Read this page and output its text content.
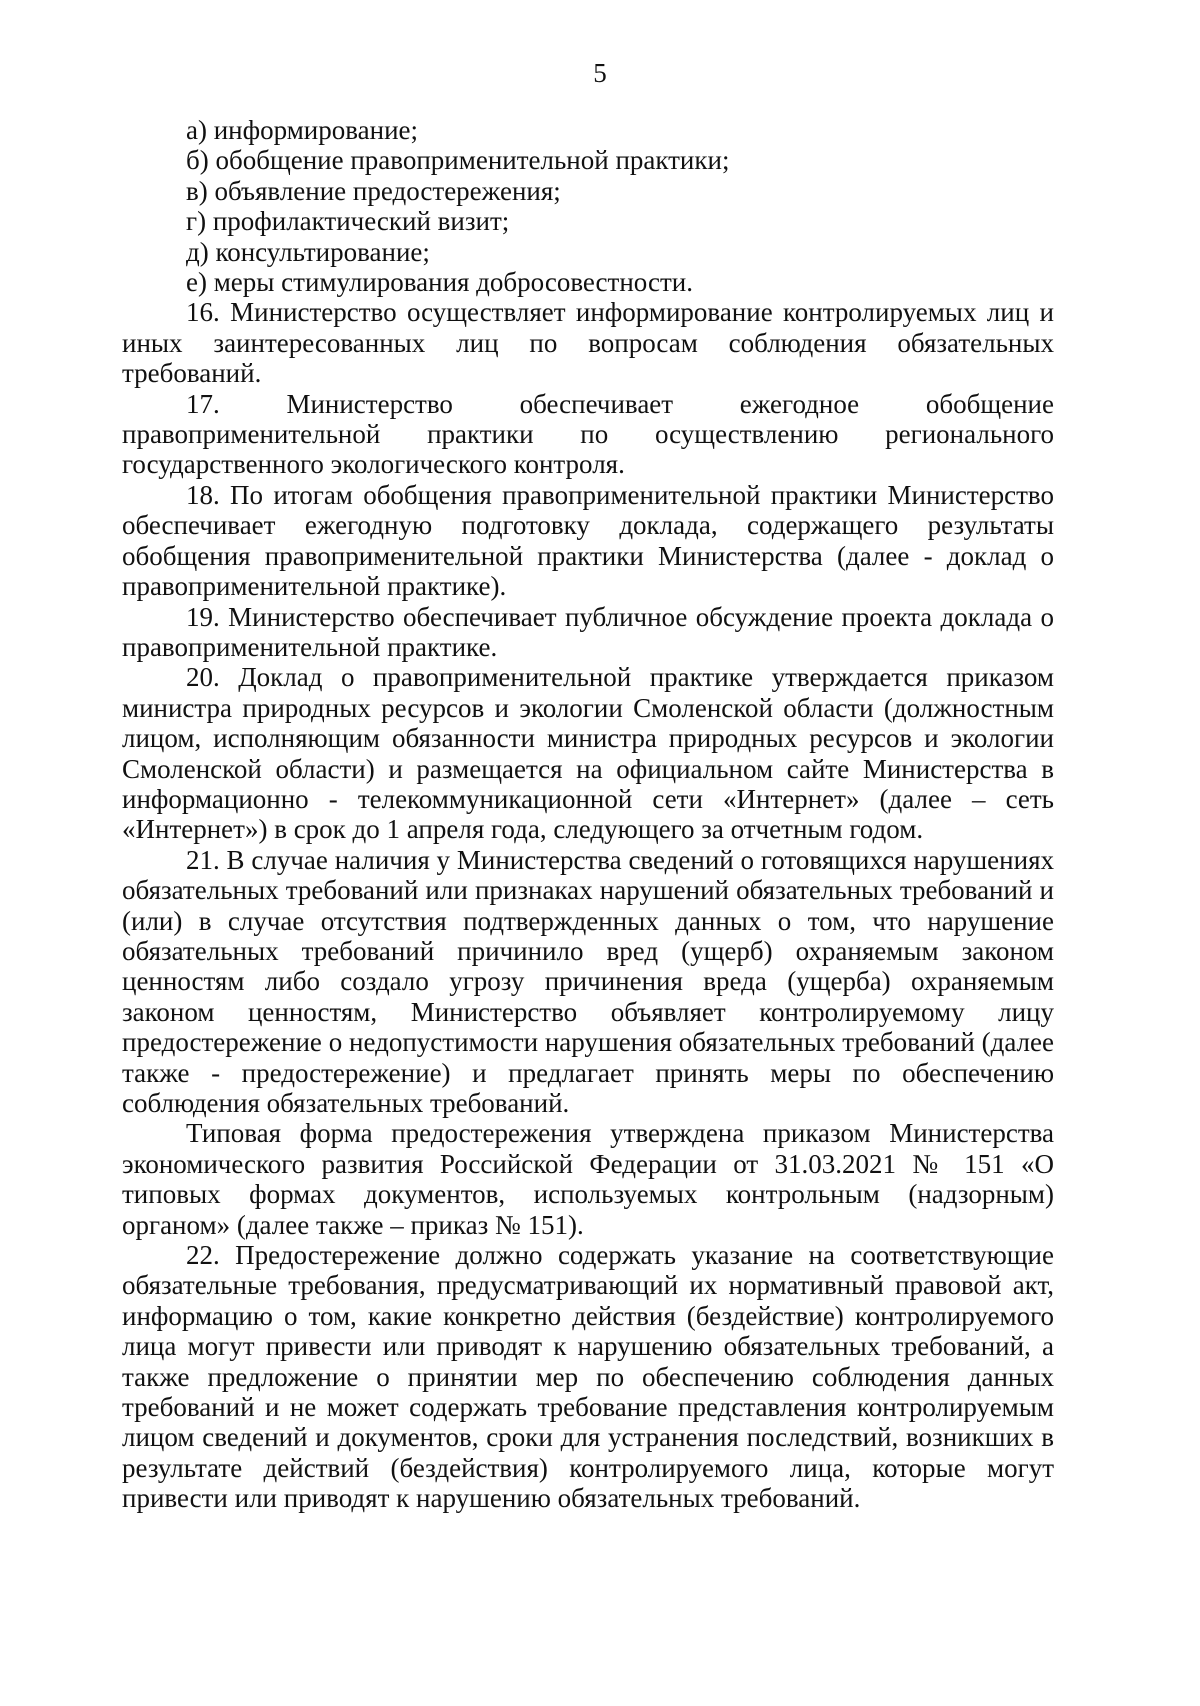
5

а) информирование;

б) обобщение правоприменительной практики;

в) объявление предостережения;

г) профилактический визит;

д) консультирование;

е) меры стимулирования добросовестности.

16. Министерство осуществляет информирование контролируемых лиц и иных заинтересованных лиц по вопросам соблюдения обязательных требований.

17. Министерство обеспечивает ежегодное обобщение правоприменительной практики по осуществлению регионального государственного экологического контроля.

18. По итогам обобщения правоприменительной практики Министерство обеспечивает ежегодную подготовку доклада, содержащего результаты обобщения правоприменительной практики Министерства (далее - доклад о правоприменительной практике).

19. Министерство обеспечивает публичное обсуждение проекта доклада о правоприменительной практике.

20. Доклад о правоприменительной практике утверждается приказом министра природных ресурсов и экологии Смоленской области (должностным лицом, исполняющим обязанности министра природных ресурсов и экологии Смоленской области) и размещается на официальном сайте Министерства в информационно - телекоммуникационной сети «Интернет» (далее – сеть «Интернет») в срок до 1 апреля года, следующего за отчетным годом.

21. В случае наличия у Министерства сведений о готовящихся нарушениях обязательных требований или признаках нарушений обязательных требований и (или) в случае отсутствия подтвержденных данных о том, что нарушение обязательных требований причинило вред (ущерб) охраняемым законом ценностям либо создало угрозу причинения вреда (ущерба) охраняемым законом ценностям, Министерство объявляет контролируемому лицу предостережение о недопустимости нарушения обязательных требований (далее также - предостережение) и предлагает принять меры по обеспечению соблюдения обязательных требований.

Типовая форма предостережения утверждена приказом Министерства экономического развития Российской Федерации от 31.03.2021 № 151 «О типовых формах документов, используемых контрольным (надзорным) органом» (далее также – приказ № 151).

22. Предостережение должно содержать указание на соответствующие обязательные требования, предусматривающий их нормативный правовой акт, информацию о том, какие конкретно действия (бездействие) контролируемого лица могут привести или приводят к нарушению обязательных требований, а также предложение о принятии мер по обеспечению соблюдения данных требований и не может содержать требование представления контролируемым лицом сведений и документов, сроки для устранения последствий, возникших в результате действий (бездействия) контролируемого лица, которые могут привести или приводят к нарушению обязательных требований.
